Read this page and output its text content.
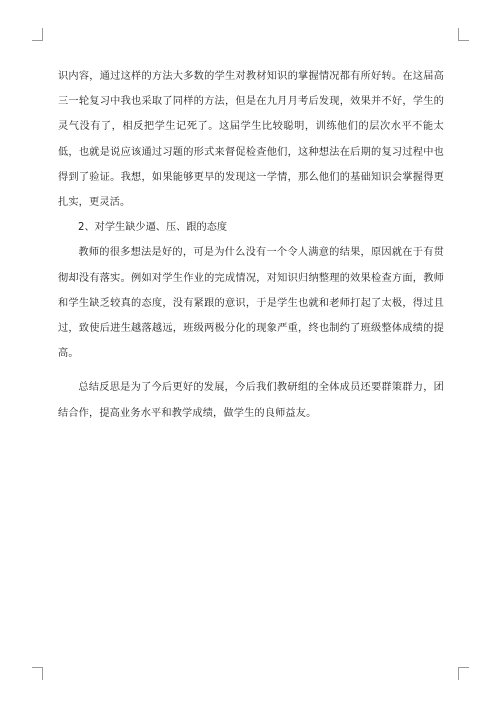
识内容，通过这样的方法大多数的学生对教材知识的掌握情况都有所好转。在这届高三一轮复习中我也采取了同样的方法，但是在九月月考后发现，效果并不好，学生的灵气没有了，相反把学生记死了。这届学生比较聪明，训练他们的层次水平不能太低，也就是说应该通过习题的形式来督促检查他们，这种想法在后期的复习过程中也得到了验证。我想，如果能够更早的发现这一学情，那么他们的基础知识会掌握得更扎实，更灵活。

2、对学生缺少逼、压、跟的态度

教师的很多想法是好的，可是为什么没有一个令人满意的结果，原因就在于有贯彻却没有落实。例如对学生作业的完成情况，对知识归纳整理的效果检查方面，教师和学生缺乏较真的态度，没有紧跟的意识，于是学生也就和老师打起了太极，得过且过，致使后进生越落越远，班级两极分化的现象严重，终也制约了班级整体成绩的提高。

总结反思是为了今后更好的发展，今后我们教研组的全体成员还要群策群力，团结合作，提高业务水平和教学成绩，做学生的良师益友。
